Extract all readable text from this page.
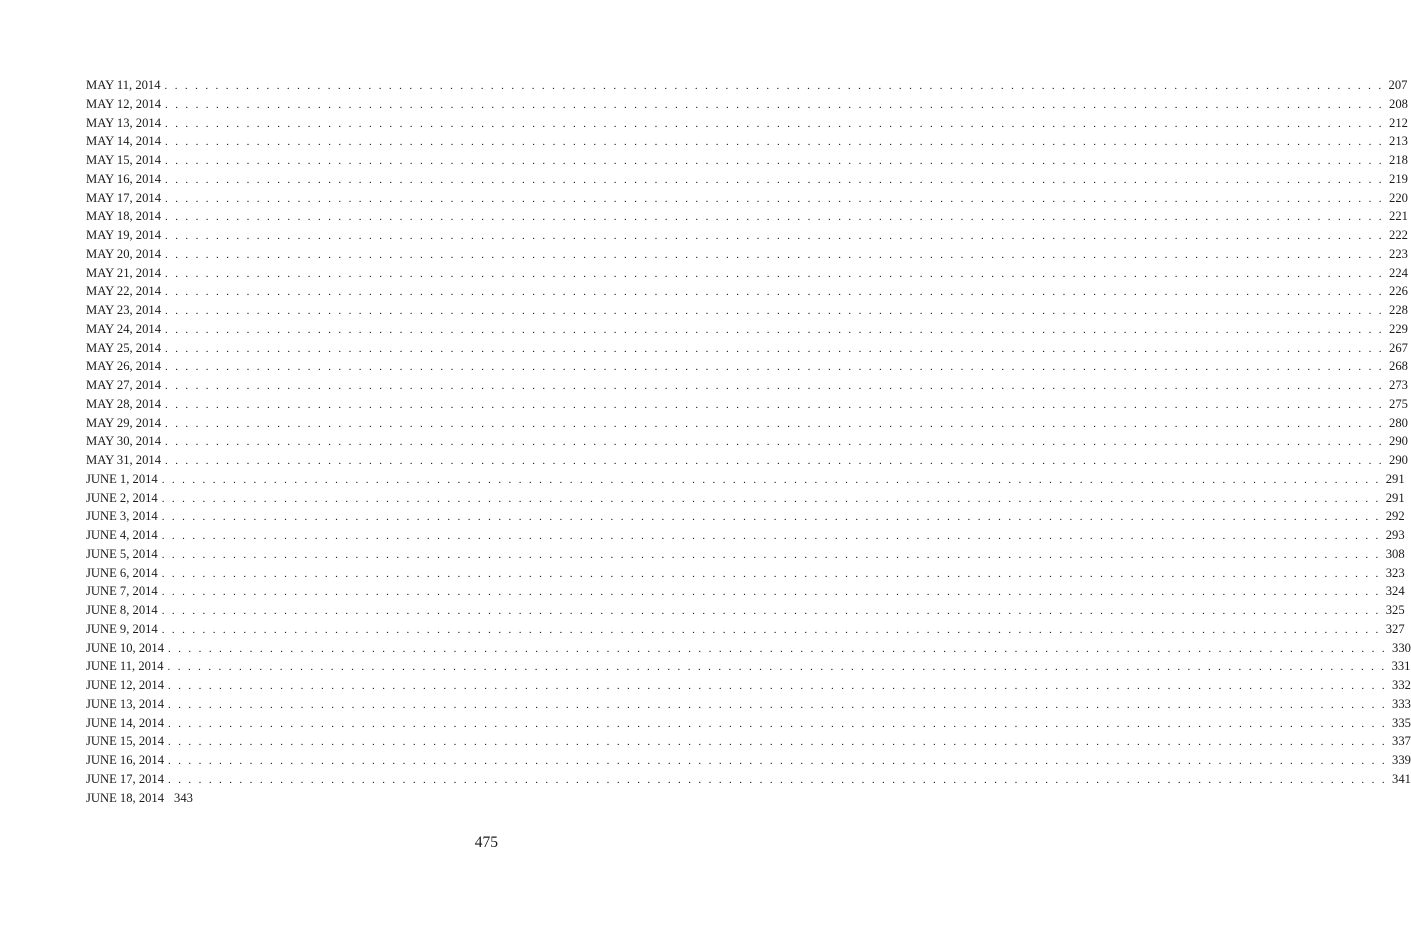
MAY 11, 2014 . . . . . . . . . . . . . . . . . . . . . . . . . . . . . . . . . . . . . . . . . . . . . . . . . . . . . . . . . . . . . . . . . . . . . . . . . . . . . . . . . . . . . . . . . . . . . . . . . . . . . . . . . . . . . . . . . . . . . . . . 207
MAY 12, 2014 . . . . . . . . . . . . . . . . . . . . . . . . . . . . . . . . . . . . . . . . . . . . . . . . . . . . . . . . . . . . . . . . . . . . . . . . . . . . . . . . . . . . . . . . . . . . . . . . . . . . . . . . . . . . . . . . . . . . . . . . 208
MAY 13, 2014 . . . . . . . . . . . . . . . . . . . . . . . . . . . . . . . . . . . . . . . . . . . . . . . . . . . . . . . . . . . . . . . . . . . . . . . . . . . . . . . . . . . . . . . . . . . . . . . . . . . . . . . . . . . . . . . . . . . . . . . . 212
MAY 14, 2014 . . . . . . . . . . . . . . . . . . . . . . . . . . . . . . . . . . . . . . . . . . . . . . . . . . . . . . . . . . . . . . . . . . . . . . . . . . . . . . . . . . . . . . . . . . . . . . . . . . . . . . . . . . . . . . . . . . . . . . . . 213
MAY 15, 2014 . . . . . . . . . . . . . . . . . . . . . . . . . . . . . . . . . . . . . . . . . . . . . . . . . . . . . . . . . . . . . . . . . . . . . . . . . . . . . . . . . . . . . . . . . . . . . . . . . . . . . . . . . . . . . . . . . . . . . . . . 218
MAY 16, 2014 . . . . . . . . . . . . . . . . . . . . . . . . . . . . . . . . . . . . . . . . . . . . . . . . . . . . . . . . . . . . . . . . . . . . . . . . . . . . . . . . . . . . . . . . . . . . . . . . . . . . . . . . . . . . . . . . . . . . . . . . 219
MAY 17, 2014 . . . . . . . . . . . . . . . . . . . . . . . . . . . . . . . . . . . . . . . . . . . . . . . . . . . . . . . . . . . . . . . . . . . . . . . . . . . . . . . . . . . . . . . . . . . . . . . . . . . . . . . . . . . . . . . . . . . . . . . . 220
MAY 18, 2014 . . . . . . . . . . . . . . . . . . . . . . . . . . . . . . . . . . . . . . . . . . . . . . . . . . . . . . . . . . . . . . . . . . . . . . . . . . . . . . . . . . . . . . . . . . . . . . . . . . . . . . . . . . . . . . . . . . . . . . . . 221
MAY 19, 2014 . . . . . . . . . . . . . . . . . . . . . . . . . . . . . . . . . . . . . . . . . . . . . . . . . . . . . . . . . . . . . . . . . . . . . . . . . . . . . . . . . . . . . . . . . . . . . . . . . . . . . . . . . . . . . . . . . . . . . . . . 222
MAY 20, 2014 . . . . . . . . . . . . . . . . . . . . . . . . . . . . . . . . . . . . . . . . . . . . . . . . . . . . . . . . . . . . . . . . . . . . . . . . . . . . . . . . . . . . . . . . . . . . . . . . . . . . . . . . . . . . . . . . . . . . . . . . 223
MAY 21, 2014 . . . . . . . . . . . . . . . . . . . . . . . . . . . . . . . . . . . . . . . . . . . . . . . . . . . . . . . . . . . . . . . . . . . . . . . . . . . . . . . . . . . . . . . . . . . . . . . . . . . . . . . . . . . . . . . . . . . . . . . . 224
MAY 22, 2014 . . . . . . . . . . . . . . . . . . . . . . . . . . . . . . . . . . . . . . . . . . . . . . . . . . . . . . . . . . . . . . . . . . . . . . . . . . . . . . . . . . . . . . . . . . . . . . . . . . . . . . . . . . . . . . . . . . . . . . . . 226
MAY 23, 2014 . . . . . . . . . . . . . . . . . . . . . . . . . . . . . . . . . . . . . . . . . . . . . . . . . . . . . . . . . . . . . . . . . . . . . . . . . . . . . . . . . . . . . . . . . . . . . . . . . . . . . . . . . . . . . . . . . . . . . . . . 228
MAY 24, 2014 . . . . . . . . . . . . . . . . . . . . . . . . . . . . . . . . . . . . . . . . . . . . . . . . . . . . . . . . . . . . . . . . . . . . . . . . . . . . . . . . . . . . . . . . . . . . . . . . . . . . . . . . . . . . . . . . . . . . . . . . 229
MAY 25, 2014 . . . . . . . . . . . . . . . . . . . . . . . . . . . . . . . . . . . . . . . . . . . . . . . . . . . . . . . . . . . . . . . . . . . . . . . . . . . . . . . . . . . . . . . . . . . . . . . . . . . . . . . . . . . . . . . . . . . . . . . . 267
MAY 26, 2014 . . . . . . . . . . . . . . . . . . . . . . . . . . . . . . . . . . . . . . . . . . . . . . . . . . . . . . . . . . . . . . . . . . . . . . . . . . . . . . . . . . . . . . . . . . . . . . . . . . . . . . . . . . . . . . . . . . . . . . . . 268
MAY 27, 2014 . . . . . . . . . . . . . . . . . . . . . . . . . . . . . . . . . . . . . . . . . . . . . . . . . . . . . . . . . . . . . . . . . . . . . . . . . . . . . . . . . . . . . . . . . . . . . . . . . . . . . . . . . . . . . . . . . . . . . . . . 273
MAY 28, 2014 . . . . . . . . . . . . . . . . . . . . . . . . . . . . . . . . . . . . . . . . . . . . . . . . . . . . . . . . . . . . . . . . . . . . . . . . . . . . . . . . . . . . . . . . . . . . . . . . . . . . . . . . . . . . . . . . . . . . . . . . 275
MAY 29, 2014 . . . . . . . . . . . . . . . . . . . . . . . . . . . . . . . . . . . . . . . . . . . . . . . . . . . . . . . . . . . . . . . . . . . . . . . . . . . . . . . . . . . . . . . . . . . . . . . . . . . . . . . . . . . . . . . . . . . . . . . . 280
MAY 30, 2014 . . . . . . . . . . . . . . . . . . . . . . . . . . . . . . . . . . . . . . . . . . . . . . . . . . . . . . . . . . . . . . . . . . . . . . . . . . . . . . . . . . . . . . . . . . . . . . . . . . . . . . . . . . . . . . . . . . . . . . . . 290
MAY 31, 2014 . . . . . . . . . . . . . . . . . . . . . . . . . . . . . . . . . . . . . . . . . . . . . . . . . . . . . . . . . . . . . . . . . . . . . . . . . . . . . . . . . . . . . . . . . . . . . . . . . . . . . . . . . . . . . . . . . . . . . . . . 290
JUNE 1, 2014 . . . . . . . . . . . . . . . . . . . . . . . . . . . . . . . . . . . . . . . . . . . . . . . . . . . . . . . . . . . . . . . . . . . . . . . . . . . . . . . . . . . . . . . . . . . . . . . . . . . . . . . . . . . . . . . . . . . . . . . . 291
JUNE 2, 2014 . . . . . . . . . . . . . . . . . . . . . . . . . . . . . . . . . . . . . . . . . . . . . . . . . . . . . . . . . . . . . . . . . . . . . . . . . . . . . . . . . . . . . . . . . . . . . . . . . . . . . . . . . . . . . . . . . . . . . . . . 291
JUNE 3, 2014 . . . . . . . . . . . . . . . . . . . . . . . . . . . . . . . . . . . . . . . . . . . . . . . . . . . . . . . . . . . . . . . . . . . . . . . . . . . . . . . . . . . . . . . . . . . . . . . . . . . . . . . . . . . . . . . . . . . . . . . . 292
JUNE 4, 2014 . . . . . . . . . . . . . . . . . . . . . . . . . . . . . . . . . . . . . . . . . . . . . . . . . . . . . . . . . . . . . . . . . . . . . . . . . . . . . . . . . . . . . . . . . . . . . . . . . . . . . . . . . . . . . . . . . . . . . . . . 293
JUNE 5, 2014 . . . . . . . . . . . . . . . . . . . . . . . . . . . . . . . . . . . . . . . . . . . . . . . . . . . . . . . . . . . . . . . . . . . . . . . . . . . . . . . . . . . . . . . . . . . . . . . . . . . . . . . . . . . . . . . . . . . . . . . . 308
JUNE 6, 2014 . . . . . . . . . . . . . . . . . . . . . . . . . . . . . . . . . . . . . . . . . . . . . . . . . . . . . . . . . . . . . . . . . . . . . . . . . . . . . . . . . . . . . . . . . . . . . . . . . . . . . . . . . . . . . . . . . . . . . . . . 323
JUNE 7, 2014 . . . . . . . . . . . . . . . . . . . . . . . . . . . . . . . . . . . . . . . . . . . . . . . . . . . . . . . . . . . . . . . . . . . . . . . . . . . . . . . . . . . . . . . . . . . . . . . . . . . . . . . . . . . . . . . . . . . . . . . . 324
JUNE 8, 2014 . . . . . . . . . . . . . . . . . . . . . . . . . . . . . . . . . . . . . . . . . . . . . . . . . . . . . . . . . . . . . . . . . . . . . . . . . . . . . . . . . . . . . . . . . . . . . . . . . . . . . . . . . . . . . . . . . . . . . . . . 325
JUNE 9, 2014 . . . . . . . . . . . . . . . . . . . . . . . . . . . . . . . . . . . . . . . . . . . . . . . . . . . . . . . . . . . . . . . . . . . . . . . . . . . . . . . . . . . . . . . . . . . . . . . . . . . . . . . . . . . . . . . . . . . . . . . . 327
JUNE 10, 2014 . . . . . . . . . . . . . . . . . . . . . . . . . . . . . . . . . . . . . . . . . . . . . . . . . . . . . . . . . . . . . . . . . . . . . . . . . . . . . . . . . . . . . . . . . . . . . . . . . . . . . . . . . . . . . . . . . . . . . . . . 330
JUNE 11, 2014 . . . . . . . . . . . . . . . . . . . . . . . . . . . . . . . . . . . . . . . . . . . . . . . . . . . . . . . . . . . . . . . . . . . . . . . . . . . . . . . . . . . . . . . . . . . . . . . . . . . . . . . . . . . . . . . . . . . . . . . . 331
JUNE 12, 2014 . . . . . . . . . . . . . . . . . . . . . . . . . . . . . . . . . . . . . . . . . . . . . . . . . . . . . . . . . . . . . . . . . . . . . . . . . . . . . . . . . . . . . . . . . . . . . . . . . . . . . . . . . . . . . . . . . . . . . . . . 332
JUNE 13, 2014 . . . . . . . . . . . . . . . . . . . . . . . . . . . . . . . . . . . . . . . . . . . . . . . . . . . . . . . . . . . . . . . . . . . . . . . . . . . . . . . . . . . . . . . . . . . . . . . . . . . . . . . . . . . . . . . . . . . . . . . . 333
JUNE 14, 2014 . . . . . . . . . . . . . . . . . . . . . . . . . . . . . . . . . . . . . . . . . . . . . . . . . . . . . . . . . . . . . . . . . . . . . . . . . . . . . . . . . . . . . . . . . . . . . . . . . . . . . . . . . . . . . . . . . . . . . . . . 335
JUNE 15, 2014 . . . . . . . . . . . . . . . . . . . . . . . . . . . . . . . . . . . . . . . . . . . . . . . . . . . . . . . . . . . . . . . . . . . . . . . . . . . . . . . . . . . . . . . . . . . . . . . . . . . . . . . . . . . . . . . . . . . . . . . . 337
JUNE 16, 2014 . . . . . . . . . . . . . . . . . . . . . . . . . . . . . . . . . . . . . . . . . . . . . . . . . . . . . . . . . . . . . . . . . . . . . . . . . . . . . . . . . . . . . . . . . . . . . . . . . . . . . . . . . . . . . . . . . . . . . . . . 339
JUNE 17, 2014 . . . . . . . . . . . . . . . . . . . . . . . . . . . . . . . . . . . . . . . . . . . . . . . . . . . . . . . . . . . . . . . . . . . . . . . . . . . . . . . . . . . . . . . . . . . . . . . . . . . . . . . . . . . . . . . . . . . . . . . . 341
JUNE 18, 2014 343
475
